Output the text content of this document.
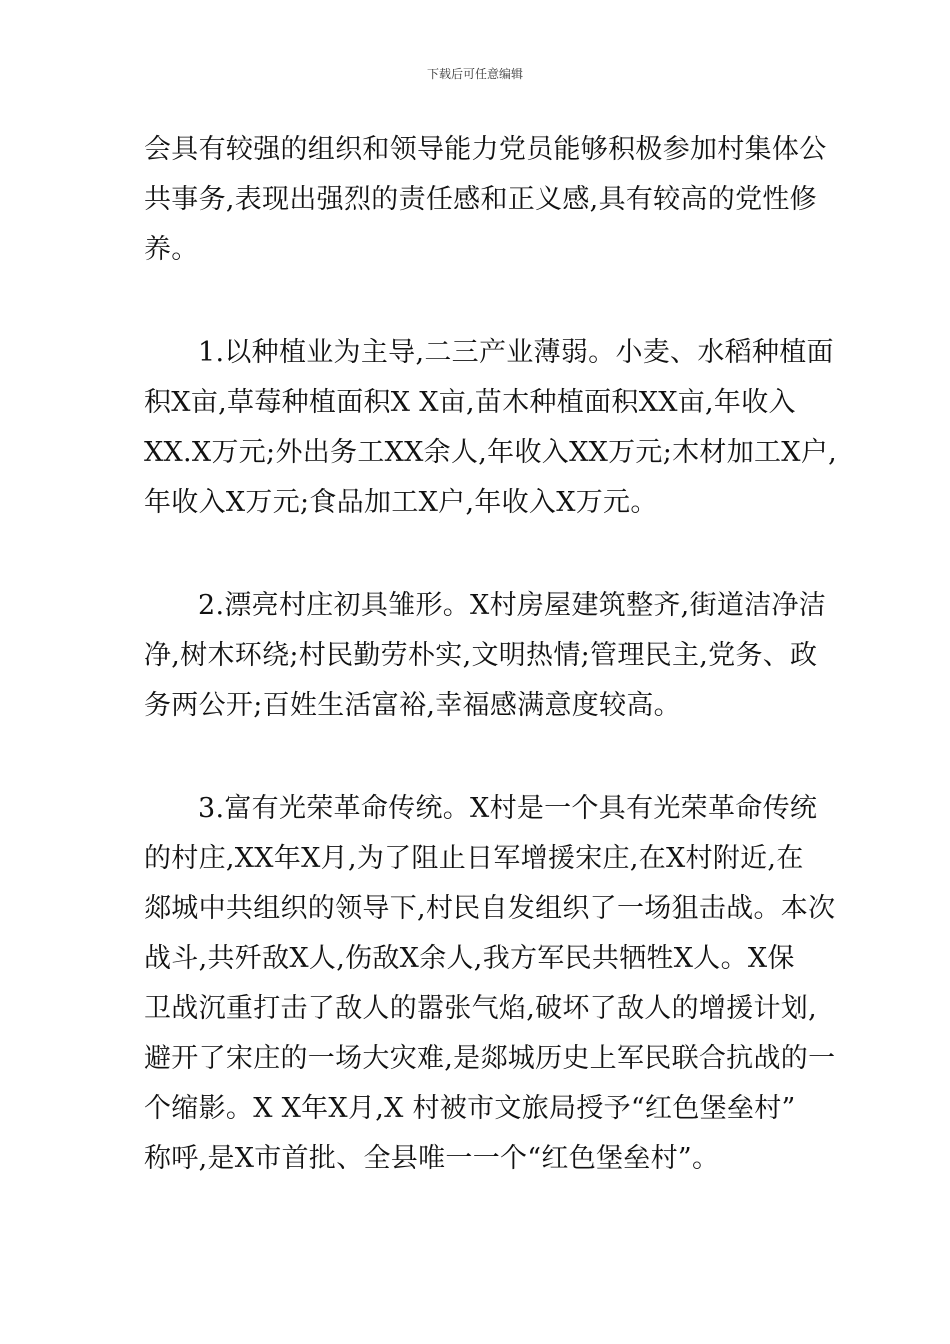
下载后可任意编辑
会具有较强的组织和领导能力党员能够积极参加村集体公
共事务,表现出强烈的责任感和正义感,具有较高的党性修
养。
1.以种植业为主导,二三产业薄弱。小麦、水稻种植面
积X亩,草莓种植面积X X亩,苗木种植面积XX亩,年收入
XX.X万元;外出务工XX余人,年收入XX万元;木材加工X户,
年收入X万元;食品加工X户,年收入X万元。
2.漂亮村庄初具雏形。X村房屋建筑整齐,街道洁净洁
净,树木环绕;村民勤劳朴实,文明热情;管理民主,党务、政
务两公开;百姓生活富裕,幸福感满意度较高。
3.富有光荣革命传统。X村是一个具有光荣革命传统
的村庄,XX年X月,为了阻止日军增援宋庄,在X村附近,在
郯城中共组织的领导下,村民自发组织了一场狙击战。本次
战斗,共歼敌X人,伤敌X余人,我方军民共牺牲X人。X保
卫战沉重打击了敌人的嚣张气焰,破坏了敌人的增援计划,
避开了宋庄的一场大灾难,是郯城历史上军民联合抗战的一
个缩影。X X年X月,X 村被市文旅局授予“红色堡垒村”
称呼,是X市首批、全县唯一一个“红色堡垒村”。
